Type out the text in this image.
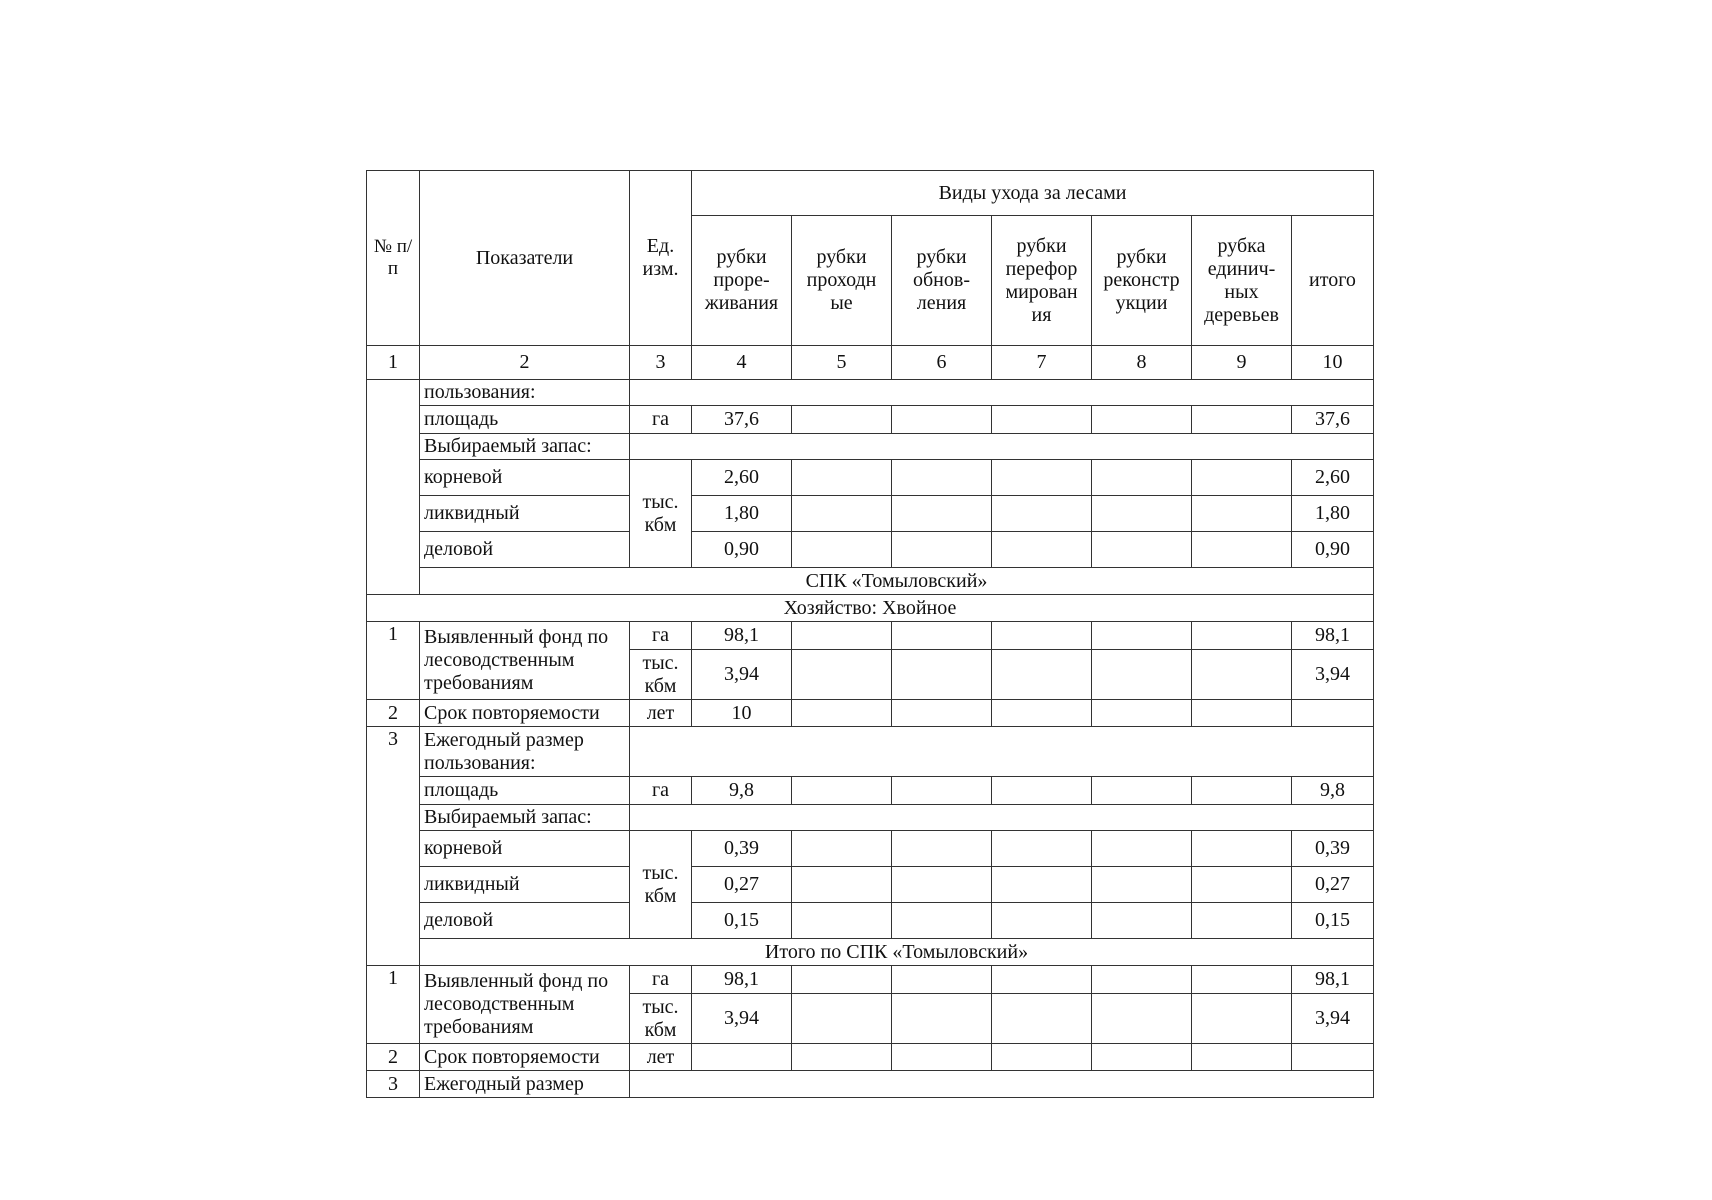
№ п/п	Показатели	Ед. изм.	Виды ухода за лесами						
			рубки проре-живания	рубки проходн ые	рубки обнов-ления	рубки перефор мирован ия	рубки реконстр укции	рубка единич-ных деревьев	итого
1	2	3	4	5	6	7	8	9	10
	пользования:								
	площадь	га	37,6						37,6
	Выбираемый запас:								
	корневой	тыс. кбм	2,60						2,60
	ликвидный		1,80						1,80
	деловой		0,90						0,90
	СПК «Томыловский»								
Хозяйство: Хвойное									
1	Выявленный фонд по лесоводственным требованиям	га	98,1						98,1
		тыс. кбм	3,94						3,94
2	Срок повторяемости	лет	10						
3	Ежегодный размер пользования:								
	площадь	га	9,8						9,8
	Выбираемый запас:								
	корневой	тыс. кбм	0,39						0,39
	ликвидный		0,27						0,27
	деловой		0,15						0,15
	Итого по СПК «Томыловский»								
1	Выявленный фонд по лесоводственным требованиям	га	98,1						98,1
		тыс. кбм	3,94						3,94
2	Срок повторяемости	лет							
3	Ежегодный размер								
